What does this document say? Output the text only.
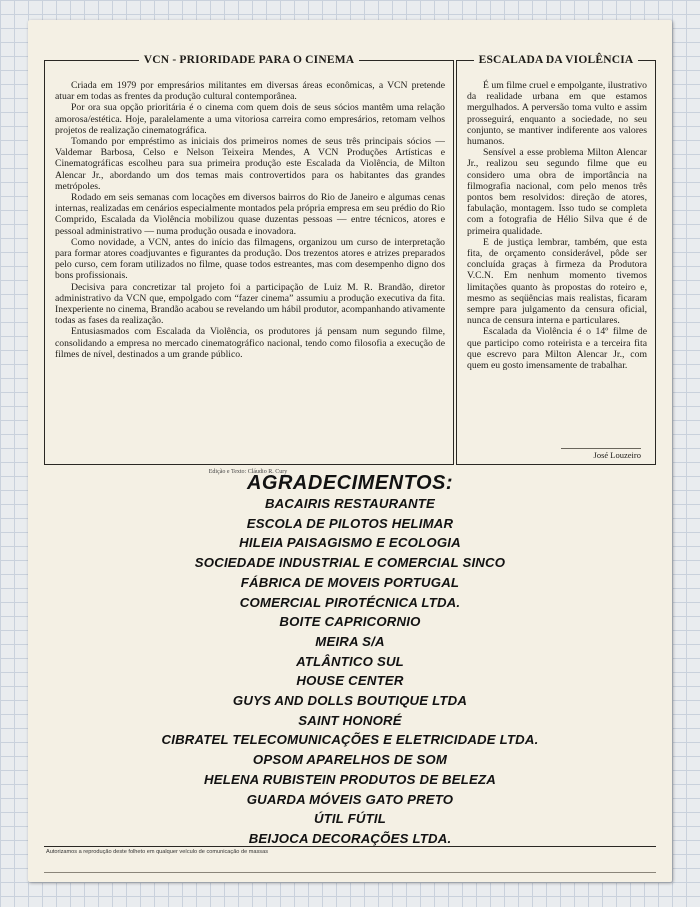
VCN - PRIORIDADE PARA O CINEMA

Criada em 1979 por empresários militantes em diversas áreas econômicas, a VCN pretende atuar em todas as frentes da produção cultural contemporânea.

Por ora sua opção prioritária é o cinema com quem dois de seus sócios mantêm uma relação amorosa/estética. Hoje, paralelamente a uma vitoriosa carreira como empresários, retomam velhos projetos de realização cinematográfica.

Tomando por empréstimo as iniciais dos primeiros nomes de seus três principais sócios — Valdemar Barbosa, Celso e Nelson Teixeira Mendes, A VCN Produções Artísticas e Cinematográficas escolheu para sua primeira produção este Escalada da Violência, de Milton Alencar Jr., abordando um dos temas mais controvertidos para os habitantes das grandes metrópoles.

Rodado em seis semanas com locações em diversos bairros do Rio de Janeiro e algumas cenas internas, realizadas em cenários especialmente montados pela própria empresa em seu prédio do Rio Comprido, Escalada da Violência mobilizou quase duzentas pessoas — entre técnicos, atores e pessoal administrativo — numa produção ousada e inovadora.

Como novidade, a VCN, antes do início das filmagens, organizou um curso de interpretação para formar atores coadjuvantes e figurantes da produção. Dos trezentos atores e atrizes preparados pelo curso, cem foram utilizados no filme, quase todos estreantes, mas com desempenho digno dos bons profissionais.

Decisiva para concretizar tal projeto foi a participação de Luiz M. R. Brandão, diretor administrativo da VCN que, empolgado com “fazer cinema” assumiu a produção executiva da fita. Inexperiente no cinema, Brandão acabou se revelando um hábil produtor, acompanhando ativamente todas as fases da realização.

Entusiasmados com Escalada da Violência, os produtores já pensam num segundo filme, consolidando a empresa no mercado cinematográfico nacional, tendo como filosofia a execução de filmes de nível, destinados a um grande público.

ESCALADA DA VIOLÊNCIA

É um filme cruel e empolgante, ilustrativo da realidade urbana em que estamos mergulhados. A perversão toma vulto e assim prosseguirá, enquanto a sociedade, no seu conjunto, se mantiver indiferente aos valores humanos.

Sensível a esse problema Milton Alencar Jr., realizou seu segundo filme que eu considero uma obra de importância na filmografia nacional, com pelo menos três pontos bem resolvidos: direção de atores, fabulação, montagem. Isso tudo se completa com a fotografia de Hélio Silva que é de primeira qualidade.

E de justiça lembrar, também, que esta fita, de orçamento considerável, pôde ser concluída graças à firmeza da Produtora V.C.N. Em nenhum momento tivemos limitações quanto às propostas do roteiro e, mesmo as seqüências mais realistas, ficaram sempre para julgamento da censura oficial, nunca de censura interna e particulares.

Escalada da Violência é o 14º filme de que participo como roteirista e a terceira fita que escrevo para Milton Alencar Jr., com quem eu gosto imensamente de trabalhar.

José Louzeiro
Edição e Texto: Cláudio R. Cury
AGRADECIMENTOS:
BACAIRIS RESTAURANTE
ESCOLA DE PILOTOS HELIMAR
HILEIA PAISAGISMO E ECOLOGIA
SOCIEDADE INDUSTRIAL E COMERCIAL SINCO
FÁBRICA DE MOVEIS PORTUGAL
COMERCIAL PIROTÉCNICA LTDA.
BOITE CAPRICORNIO
MEIRA S/A
ATLÂNTICO SUL
HOUSE CENTER
GUYS AND DOLLS BOUTIQUE LTDA
SAINT HONORÉ
CIBRATEL TELECOMUNICAÇÕES E ELETRICIDADE LTDA.
OPSOM APARELHOS DE SOM
HELENA RUBISTEIN PRODUTOS DE BELEZA
GUARDA MÓVEIS GATO PRETO
ÚTIL FÚTIL
BEIJOCA DECORAÇÕES LTDA.
Autorizamos a reprodução deste folheto em qualquer veículo de comunicação de massas
